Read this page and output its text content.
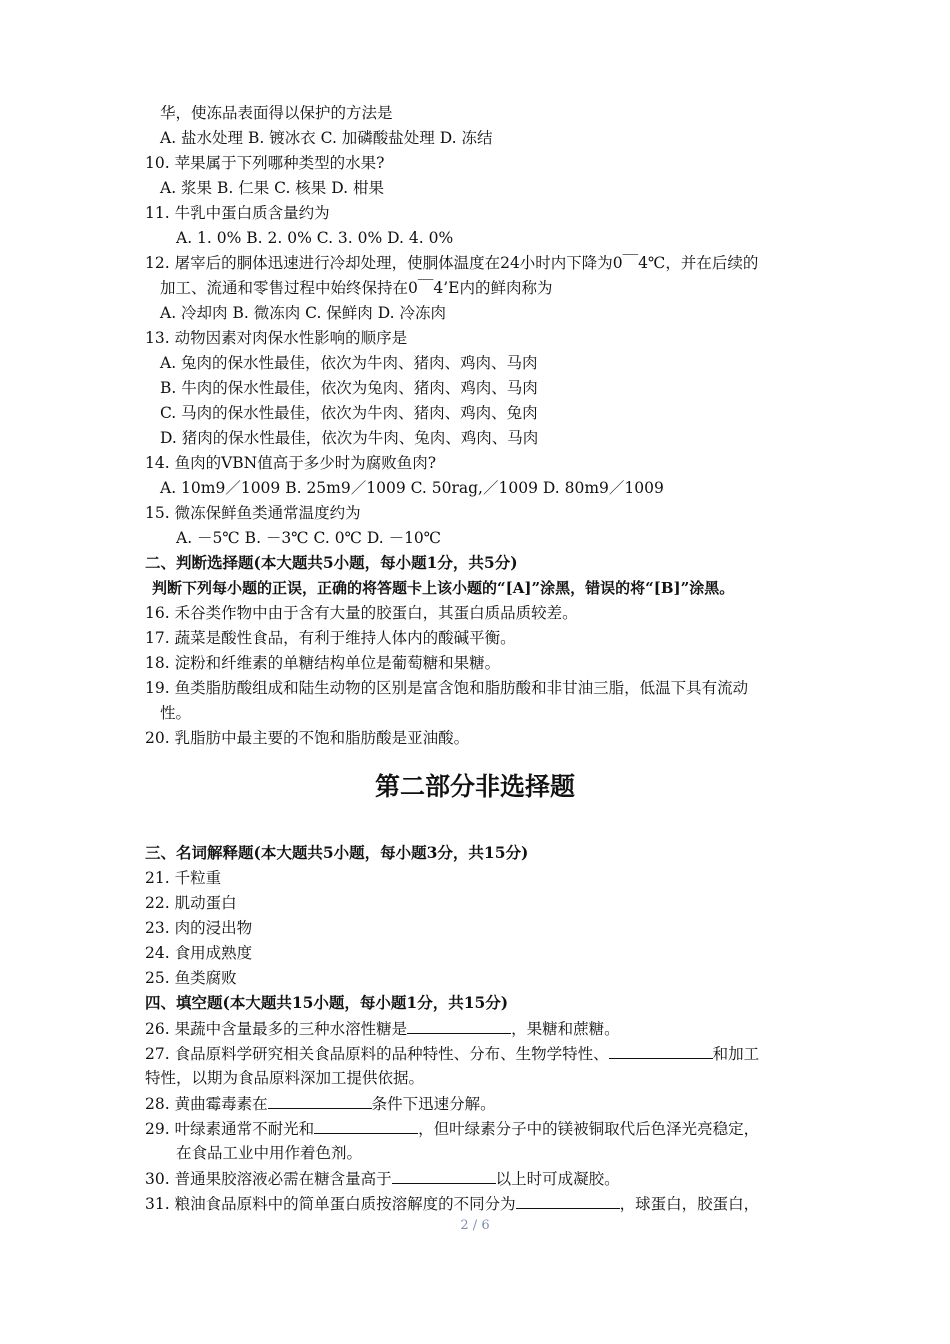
华，使冻品表面得以保护的方法是
A. 盐水处理 B. 镀冰衣 C. 加磷酸盐处理 D. 冻结
10. 苹果属于下列哪种类型的水果?
A. 浆果 B. 仁果 C. 核果 D. 柑果
11. 牛乳中蛋白质含量约为
A. 1. 0% B. 2. 0% C. 3. 0% D. 4. 0%
12. 屠宰后的胴体迅速进行冷却处理，使胴体温度在24小时内下降为0￣4℃，并在后续的
加工、流通和零售过程中始终保持在0￣4’E内的鲜肉称为
A. 冷却肉 B. 微冻肉 C. 保鲜肉 D. 冷冻肉
13. 动物因素对肉保水性影响的顺序是
A. 兔肉的保水性最佳，依次为牛肉、猪肉、鸡肉、马肉
B. 牛肉的保水性最佳，依次为兔肉、猪肉、鸡肉、马肉
C. 马肉的保水性最佳，依次为牛肉、猪肉、鸡肉、兔肉
D. 猪肉的保水性最佳，依次为牛肉、兔肉、鸡肉、马肉
14. 鱼肉的VBN值高于多少时为腐败鱼肉?
A. 10m9／1009 B. 25m9／1009 C. 50rag,／1009 D. 80m9／1009
15. 微冻保鲜鱼类通常温度约为
A. －5℃ B. －3℃ C. 0℃ D. －10℃
二、判断选择题(本大题共5小题，每小题1分，共5分)
判断下列每小题的正误，正确的将答题卡上该小题的“[A]”涂黑，错误的将“[B]”涂黑。
16. 禾谷类作物中由于含有大量的胶蛋白，其蛋白质品质较差。
17. 蔬菜是酸性食品，有利于维持人体内的酸碱平衡。
18. 淀粉和纤维素的单糖结构单位是葡萄糖和果糖。
19. 鱼类脂肪酸组成和陆生动物的区别是富含饱和脂肪酸和非甘油三脂，低温下具有流动
性。
20. 乳脂肪中最主要的不饱和脂肪酸是亚油酸。
第二部分非选择题
三、名词解释题(本大题共5小题，每小题3分，共15分)
21. 千粒重
22. 肌动蛋白
23. 肉的浸出物
24. 食用成熟度
25. 鱼类腐败
四、填空题(本大题共15小题，每小题1分，共15分)
26. 果蔬中含量最多的三种水溶性糖是	，果糖和蔗糖。
27. 食品原料学研究相关食品原料的品种特性、分布、生物学特性、	和加工
特性，以期为食品原料深加工提供依据。
28. 黄曲霉毒素在	条件下迅速分解。
29. 叶绿素通常不耐光和	，但叶绿素分子中的镁被铜取代后色泽光亮稳定，
在食品工业中用作着色剂。
30. 普通果胶溶液必需在糖含量高于	以上时可成凝胶。
31. 粮油食品原料中的简单蛋白质按溶解度的不同分为	，球蛋白，胶蛋白，
2 / 6
